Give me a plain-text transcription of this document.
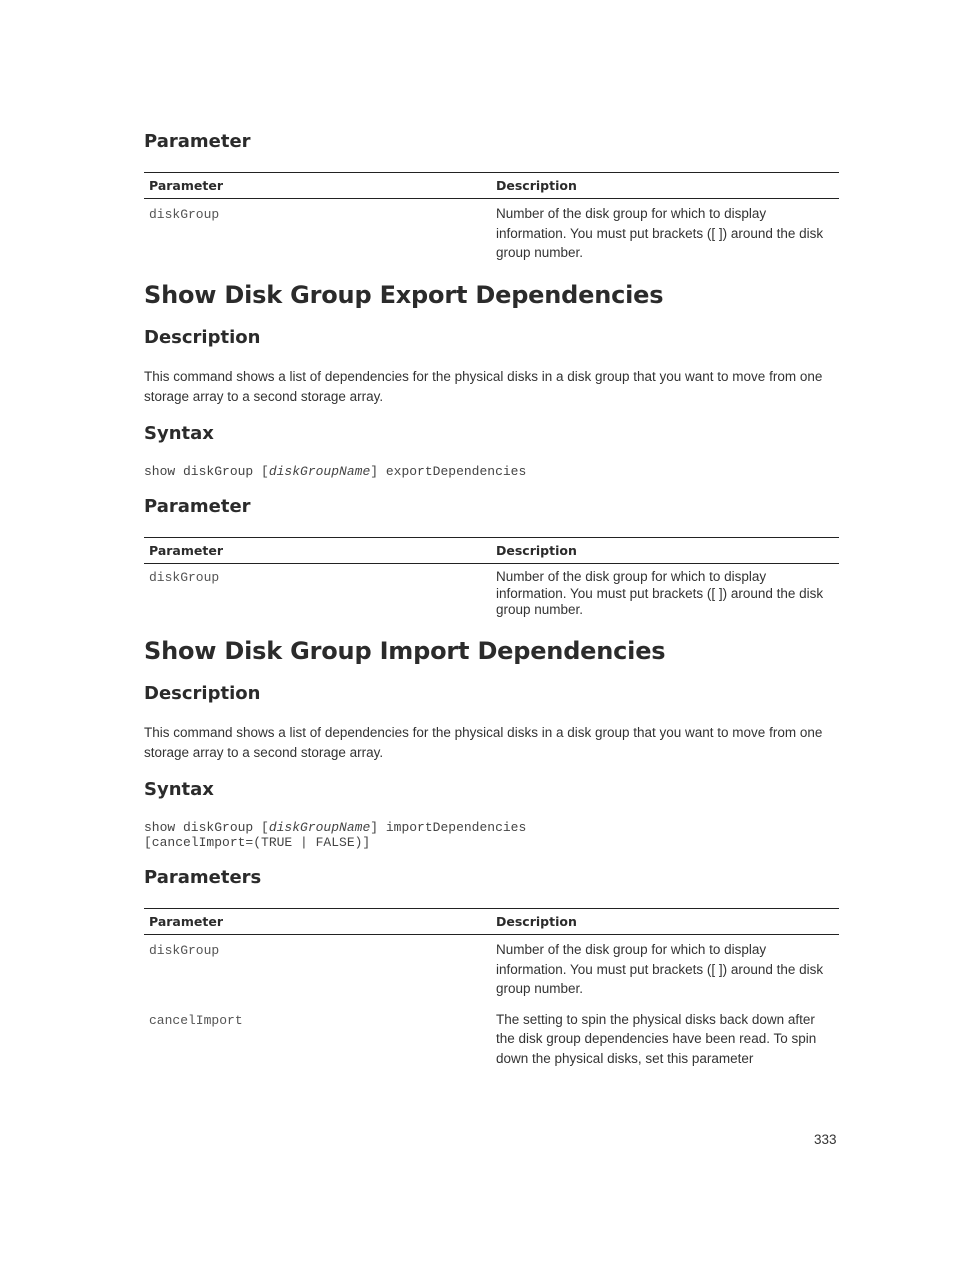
Parameter
Parameter	Description
diskGroup	Number of the disk group for which to display information. You must put brackets ([ ]) around the disk group number.
Show Disk Group Export Dependencies
Description

This command shows a list of dependencies for the physical disks in a disk group that you want to move from one storage array to a second storage array.

Syntax
show diskGroup [diskGroupName] exportDependencies
Parameter
Parameter	Description
diskGroup	Number of the disk group for which to display information. You must put brackets ([ ]) around the disk group number.
Show Disk Group Import Dependencies
Description

This command shows a list of dependencies for the physical disks in a disk group that you want to move from one storage array to a second storage array.

Syntax
show diskGroup [diskGroupName] importDependencies
[cancelImport=(TRUE | FALSE)]
Parameters
Parameter	Description
diskGroup	Number of the disk group for which to display information. You must put brackets ([ ]) around the disk group number.
cancelImport	The setting to spin the physical disks back down after the disk group dependencies have been read. To spin down the physical disks, set this parameter
333
